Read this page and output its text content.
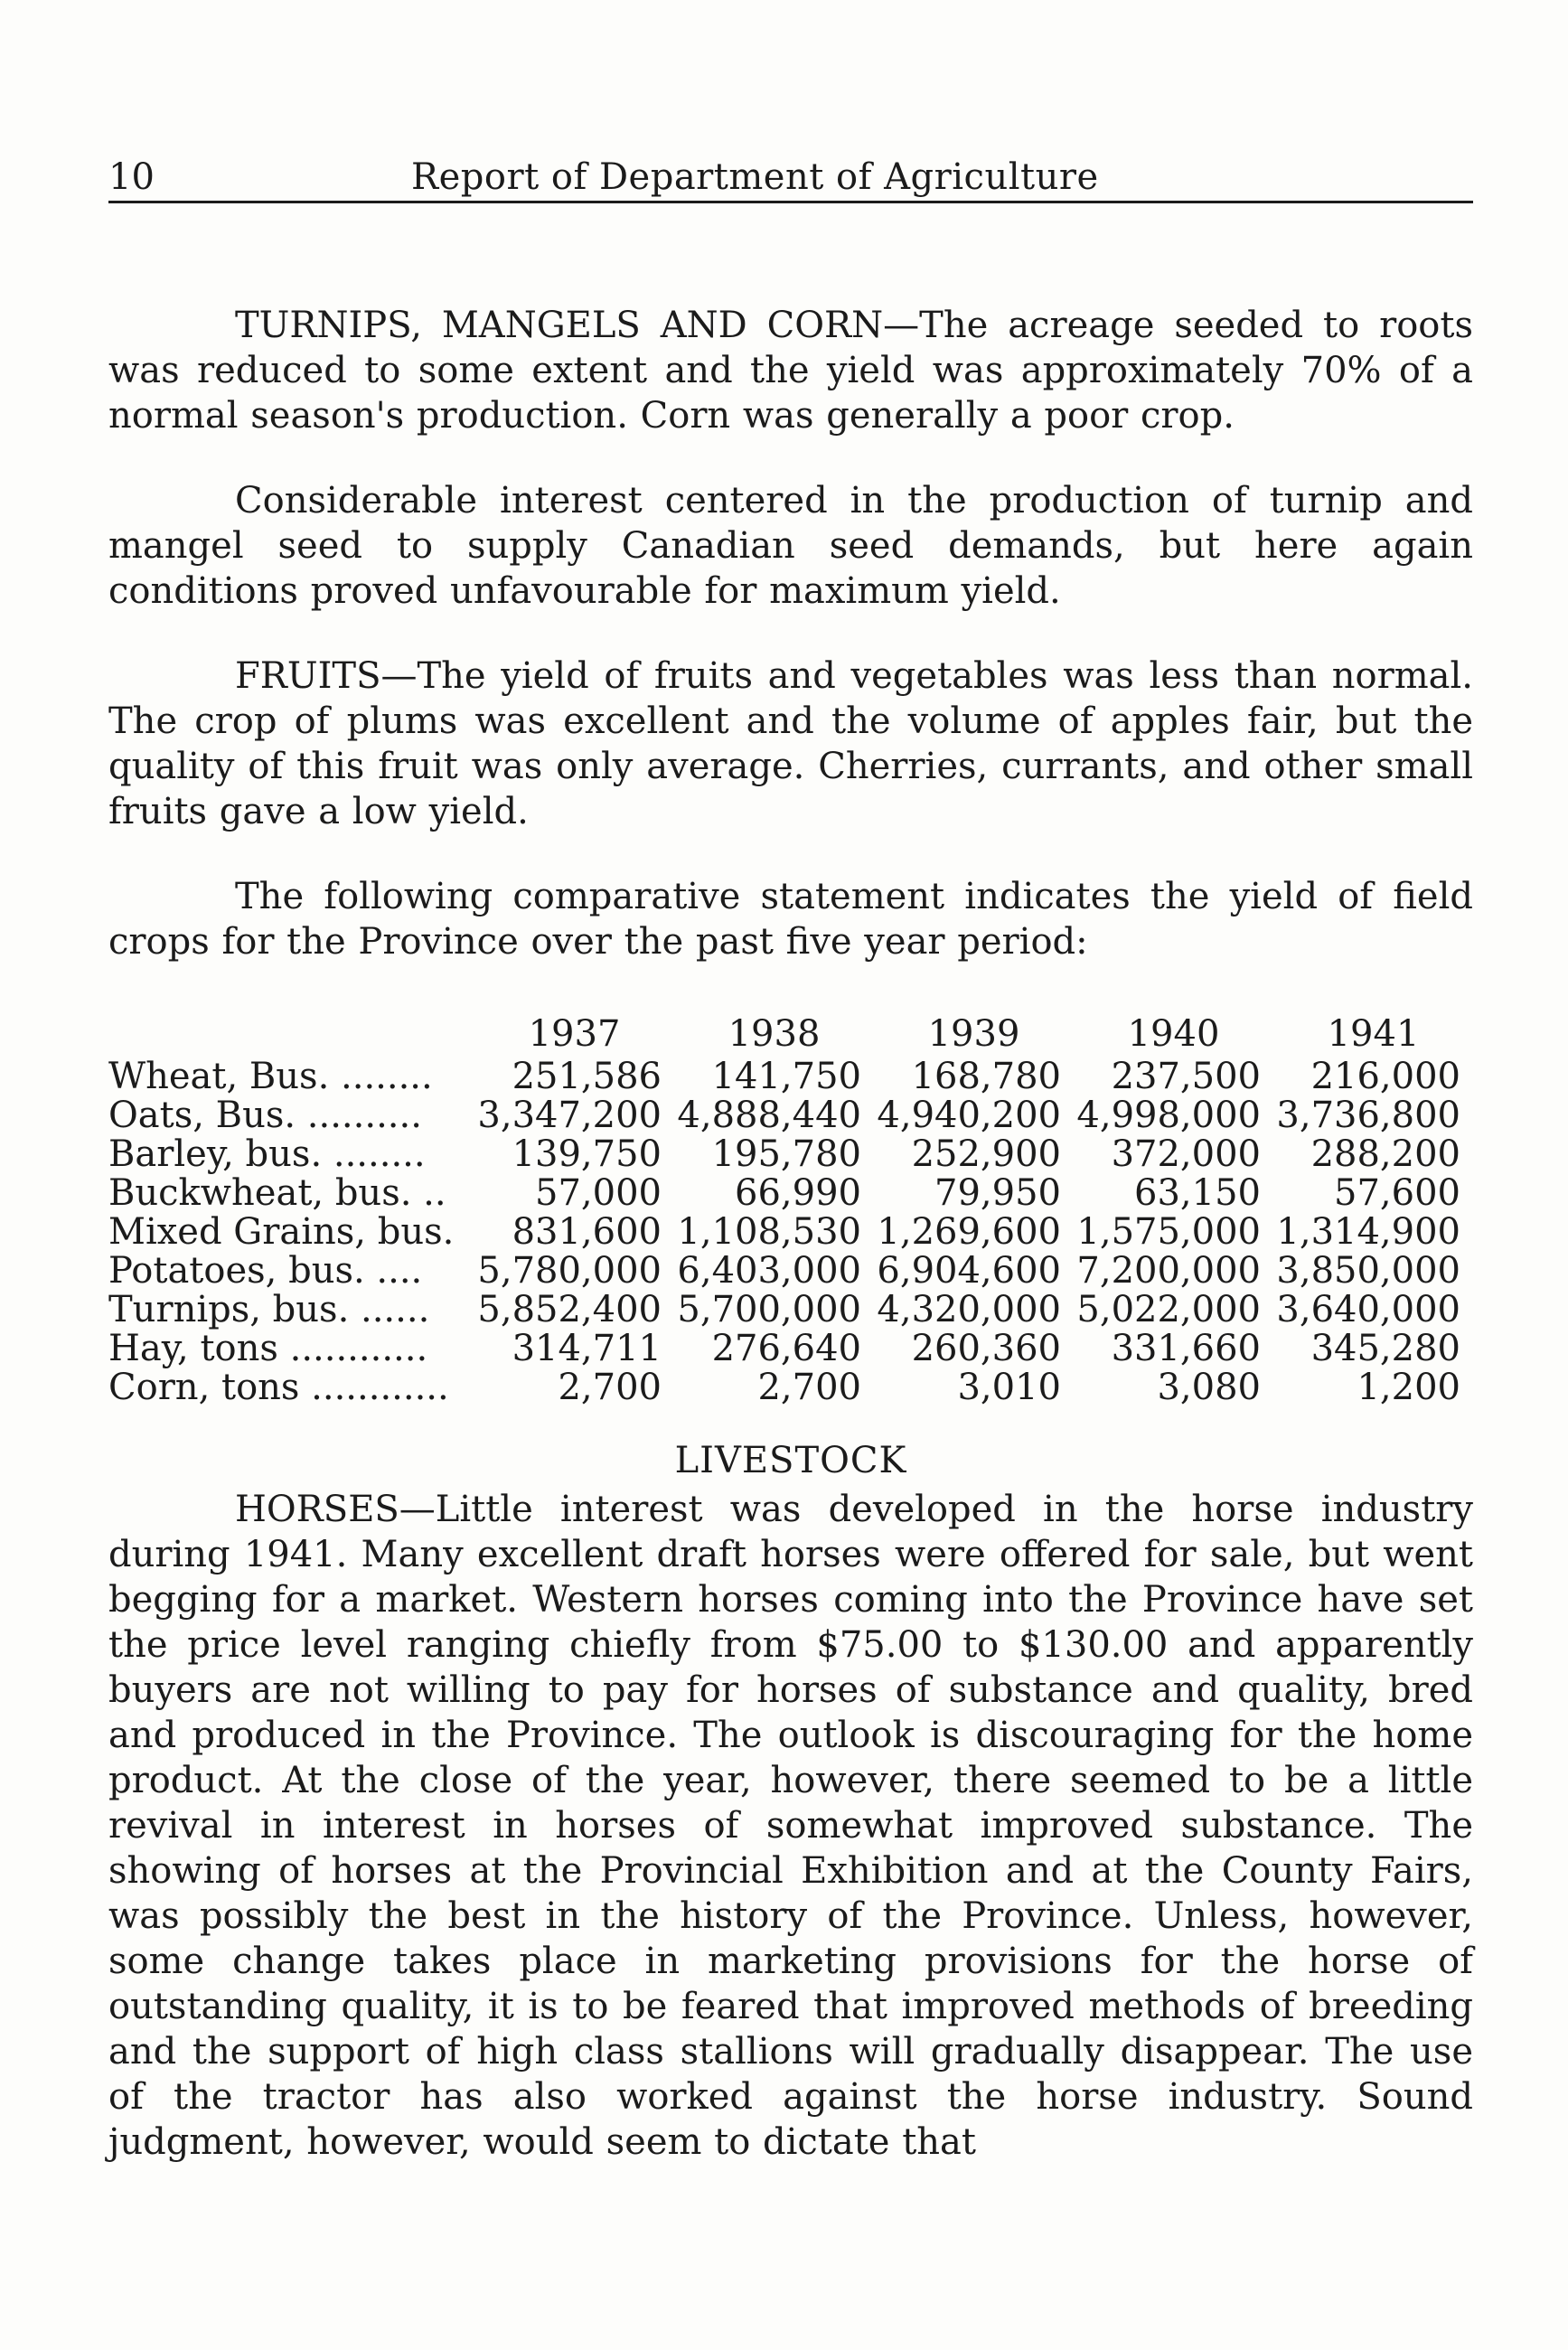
10	Report of Department of Agriculture

TURNIPS, MANGELS AND CORN—The acreage seeded to roots was reduced to some extent and the yield was approximately 70% of a normal season's production. Corn was generally a poor crop.

Considerable interest centered in the production of turnip and mangel seed to supply Canadian seed demands, but here again conditions proved unfavourable for maximum yield.

FRUITS—The yield of fruits and vegetables was less than normal. The crop of plums was excellent and the volume of apples fair, but the quality of this fruit was only average. Cherries, currants, and other small fruits gave a low yield.

The following comparative statement indicates the yield of field crops for the Province over the past five year period:

	1937	1938	1939	1940	1941
Wheat, Bus. ........	251,586	141,750	168,780	237,500	216,000
Oats, Bus. ..........	3,347,200	4,888,440	4,940,200	4,998,000	3,736,800
Barley, bus. ........	139,750	195,780	252,900	372,000	288,200
Buckwheat, bus. ..	57,000	66,990	79,950	63,150	57,600
Mixed Grains, bus.	831,600	1,108,530	1,269,600	1,575,000	1,314,900
Potatoes, bus. ....	5,780,000	6,403,000	6,904,600	7,200,000	3,850,000
Turnips, bus. ......	5,852,400	5,700,000	4,320,000	5,022,000	3,640,000
Hay, tons ............	314,711	276,640	260,360	331,660	345,280
Corn, tons ............	2,700	2,700	3,010	3,080	1,200
LIVESTOCK

HORSES—Little interest was developed in the horse industry during 1941. Many excellent draft horses were offered for sale, but went begging for a market. Western horses coming into the Province have set the price level ranging chiefly from $75.00 to $130.00 and apparently buyers are not willing to pay for horses of substance and quality, bred and produced in the Province. The outlook is discouraging for the home product. At the close of the year, however, there seemed to be a little revival in interest in horses of somewhat improved substance. The showing of horses at the Provincial Exhibition and at the County Fairs, was possibly the best in the history of the Province. Unless, however, some change takes place in marketing provisions for the horse of outstanding quality, it is to be feared that improved methods of breeding and the support of high class stallions will gradually disappear. The use of the tractor has also worked against the horse industry. Sound judgment, however, would seem to dictate that
